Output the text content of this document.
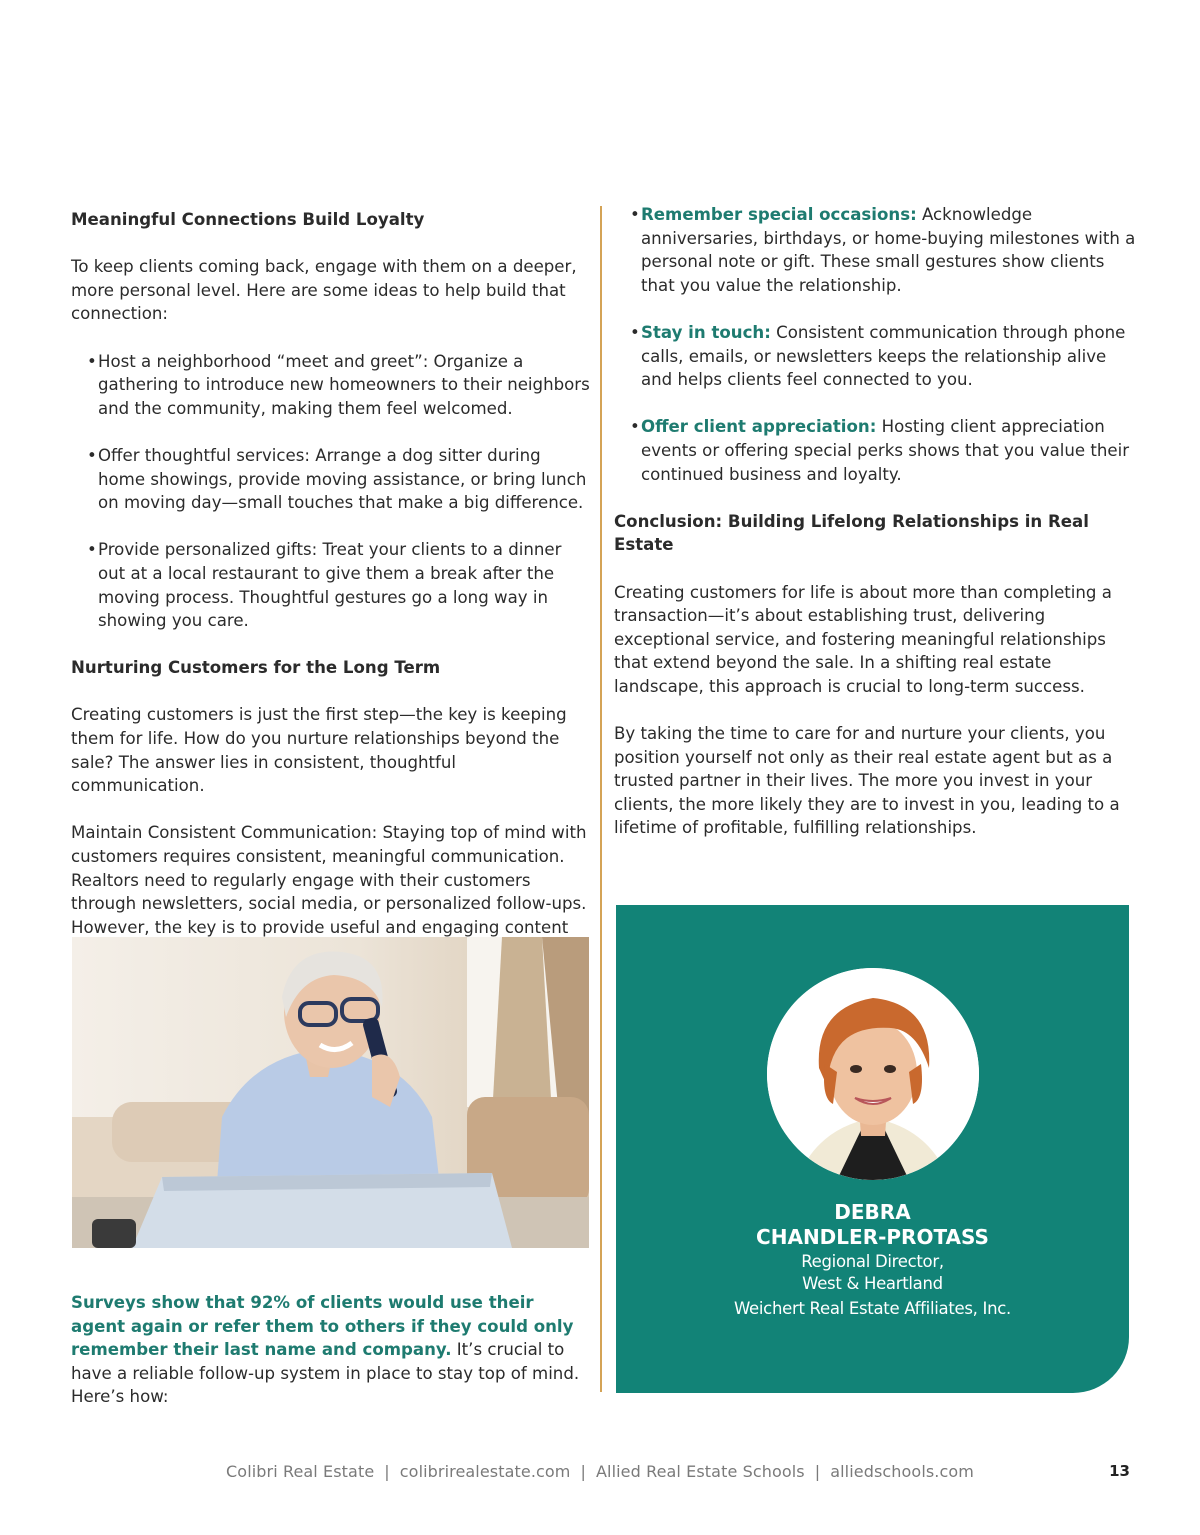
Meaningful Connections Build Loyalty

To keep clients coming back, engage with them on a deeper, more personal level. Here are some ideas to help build that connection:

• Host a neighborhood “meet and greet”: Organize a gathering to introduce new homeowners to their neighbors and the community, making them feel welcomed.
• Offer thoughtful services: Arrange a dog sitter during home showings, provide moving assistance, or bring lunch on moving day—small touches that make a big difference.
• Provide personalized gifts: Treat your clients to a dinner out at a local restaurant to give them a break after the moving process. Thoughtful gestures go a long way in showing you care.
Nurturing Customers for the Long Term

Creating customers is just the first step—the key is keeping them for life. How do you nurture relationships beyond the sale? The answer lies in consistent, thoughtful communication.

Maintain Consistent Communication: Staying top of mind with customers requires consistent, meaningful communication. Realtors need to regularly engage with their customers through newsletters, social media, or personalized follow-ups. However, the key is to provide useful and engaging content

Surveys show that 92% of clients would use their agent again or refer them to others if they could only remember their last name and company. It’s crucial to have a reliable follow-up system in place to stay top of mind. Here’s how:
• Remember special occasions: Acknowledge anniversaries, birthdays, or home-buying milestones with a personal note or gift. These small gestures show clients that you value the relationship.
• Stay in touch: Consistent communication through phone calls, emails, or newsletters keeps the relationship alive and helps clients feel connected to you.
• Offer client appreciation: Hosting client appreciation events or offering special perks shows that you value their continued business and loyalty.
Conclusion: Building Lifelong Relationships in Real Estate

Creating customers for life is about more than completing a transaction—it’s about establishing trust, delivering exceptional service, and fostering meaningful relationships that extend beyond the sale. In a shifting real estate landscape, this approach is crucial to long-term success.

By taking the time to care for and nurture your clients, you position yourself not only as their real estate agent but as a trusted partner in their lives. The more you invest in your clients, the more likely they are to invest in you, leading to a lifetime of profitable, fulfilling relationships.

DEBRA
CHANDLER-PROTASS
Regional Director,
West & Heartland
Weichert Real Estate Affiliates, Inc.
Colibri Real Estate | colibrirealestate.com | Allied Real Estate Schools | alliedschools.com	13
